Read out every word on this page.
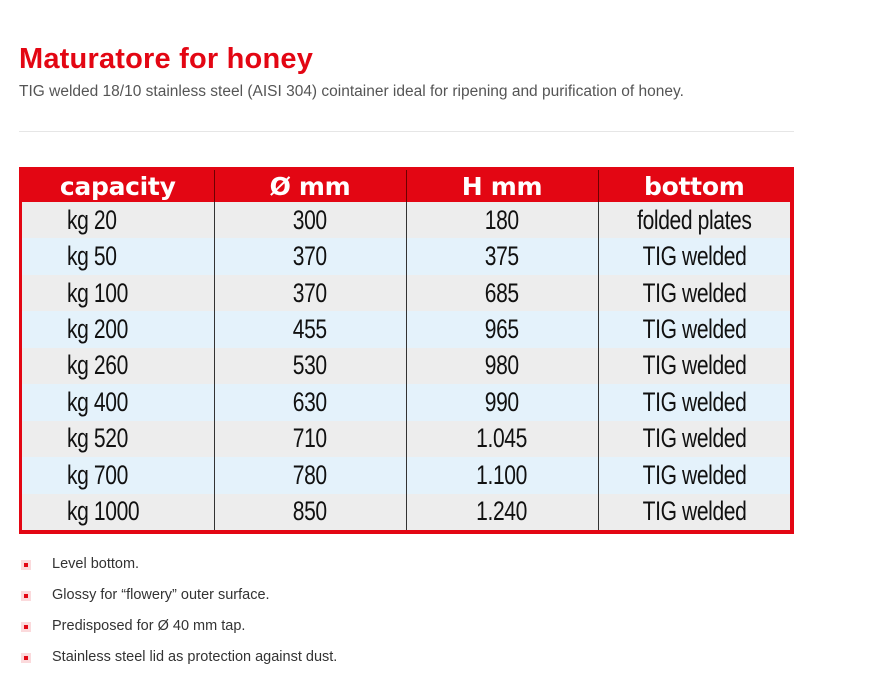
Maturatore for honey
TIG welded 18/10 stainless steel (AISI 304) cointainer ideal for ripening and purification of honey.
capacity	Ø mm	H mm	bottom
kg 20	300	180	folded plates
kg 50	370	375	TIG welded
kg 100	370	685	TIG welded
kg 200	455	965	TIG welded
kg 260	530	980	TIG welded
kg 400	630	990	TIG welded
kg 520	710	1.045	TIG welded
kg 700	780	1.100	TIG welded
kg 1000	850	1.240	TIG welded
Level bottom.
Glossy for “flowery” outer surface.
Predisposed for Ø 40 mm tap.
Stainless steel lid as protection against dust.
